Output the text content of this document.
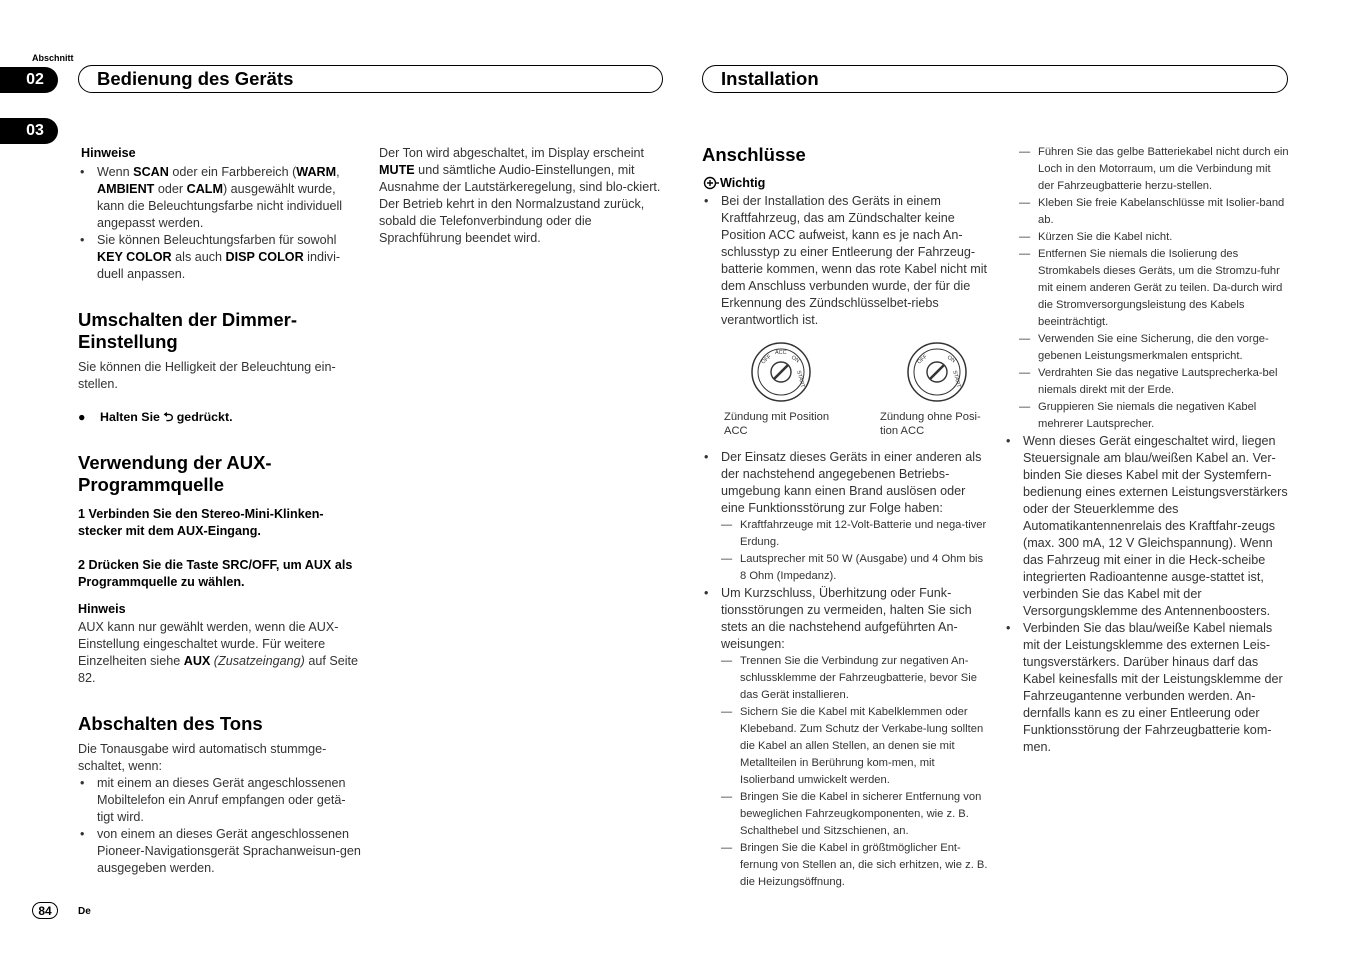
Abschnitt
02
03
Bedienung des Geräts	Installation
Hinweise
• Wenn SCAN oder ein Farbbereich (WARM, AMBIENT oder CALM) ausgewählt wurde, kann die Beleuchtungsfarbe nicht individuell angepasst werden.
• Sie können Beleuchtungsfarben für sowohl KEY COLOR als auch DISP COLOR indivi-duell anpassen.
Umschalten der Dimmer-Einstellung

Sie können die Helligkeit der Beleuchtung ein-stellen.

● Halten Sie ⮌ gedrückt.

Verwendung der AUX-Programmquelle

1 Verbinden Sie den Stereo-Mini-Klinken-stecker mit dem AUX-Eingang.

2 Drücken Sie die Taste SRC/OFF, um AUX als Programmquelle zu wählen.

Hinweis

AUX kann nur gewählt werden, wenn die AUX-Einstellung eingeschaltet wurde. Für weitere Einzelheiten siehe AUX (Zusatzeingang) auf Seite 82.

Abschalten des Tons

Die Tonausgabe wird automatisch stummge-schaltet, wenn:

• mit einem an dieses Gerät angeschlossenen Mobiltelefon ein Anruf empfangen oder getä-tigt wird.
• von einem an dieses Gerät angeschlossenen Pioneer-Navigationsgerät Sprachanweisun-gen ausgegeben werden.

Der Ton wird abgeschaltet, im Display erscheint MUTE und sämtliche Audio-Einstellungen, mit Ausnahme der Lautstärkeregelung, sind blo-ckiert. Der Betrieb kehrt in den Normalzustand zurück, sobald die Telefonverbindung oder die Sprachführung beendet wird.

Anschlüsse

Wichtig

• Bei der Installation des Geräts in einem Kraftfahrzeug, das am Zündschalter keine Position ACC aufweist, kann es je nach An-schlusstyp zu einer Entleerung der Fahrzeug-batterie kommen, wenn das rote Kabel nicht mit dem Anschluss verbunden wurde, der für die Erkennung des Zündschlüsselbet-riebs verantwortlich ist.
OFF
ACC
ON
START
Zündung mit Position ACC
OFF	ON
START
Zündung ohne Posi-tion ACC
• Der Einsatz dieses Geräts in einer anderen als der nachstehend angegebenen Betriebs-umgebung kann einen Brand auslösen oder eine Funktionsstörung zur Folge haben:
— Kraftfahrzeuge mit 12-Volt-Batterie und nega-tiver Erdung.
— Lautsprecher mit 50 W (Ausgabe) und 4 Ohm bis 8 Ohm (Impedanz).
• Um Kurzschluss, Überhitzung oder Funk-tionsstörungen zu vermeiden, halten Sie sich stets an die nachstehend aufgeführten An-weisungen:
— Trennen Sie die Verbindung zur negativen An-schlussklemme der Fahrzeugbatterie, bevor Sie das Gerät installieren.
— Sichern Sie die Kabel mit Kabelklemmen oder Klebeband. Zum Schutz der Verkabe-lung sollten die Kabel an allen Stellen, an denen sie mit Metallteilen in Berührung kom-men, mit Isolierband umwickelt werden.
— Bringen Sie die Kabel in sicherer Entfernung von beweglichen Fahrzeugkomponenten, wie z. B. Schalthebel und Sitzschienen, an.
— Bringen Sie die Kabel in größtmöglicher Ent-fernung von Stellen an, die sich erhitzen, wie z. B. die Heizungsöffnung.
— Führen Sie das gelbe Batteriekabel nicht durch ein Loch in den Motorraum, um die Verbindung mit der Fahrzeugbatterie herzu-stellen.
— Kleben Sie freie Kabelanschlüsse mit Isolier-band ab.
— Kürzen Sie die Kabel nicht.
— Entfernen Sie niemals die Isolierung des Stromkabels dieses Geräts, um die Stromzu-fuhr mit einem anderen Gerät zu teilen. Da-durch wird die Stromversorgungsleistung des Kabels beeinträchtigt.
— Verwenden Sie eine Sicherung, die den vorge-gebenen Leistungsmerkmalen entspricht.
— Verdrahten Sie das negative Lautsprecherka-bel niemals direkt mit der Erde.
— Gruppieren Sie niemals die negativen Kabel mehrerer Lautsprecher.
• Wenn dieses Gerät eingeschaltet wird, liegen Steuersignale am blau/weißen Kabel an. Ver-binden Sie dieses Kabel mit der Systemfern-bedienung eines externen Leistungsverstärkers oder der Steuerklemme des Automatikantennenrelais des Kraftfahr-zeugs (max. 300 mA, 12 V Gleichspannung). Wenn das Fahrzeug mit einer in die Heck-scheibe integrierten Radioantenne ausge-stattet ist, verbinden Sie das Kabel mit der Versorgungsklemme des Antennenboosters.
• Verbinden Sie das blau/weiße Kabel niemals mit der Leistungsklemme des externen Leis-tungsverstärkers. Darüber hinaus darf das Kabel keinesfalls mit der Leistungsklemme der Fahrzeugantenne verbunden werden. An-dernfalls kann es zu einer Entleerung oder Funktionsstörung der Fahrzeugbatterie kom-men.
84	De
